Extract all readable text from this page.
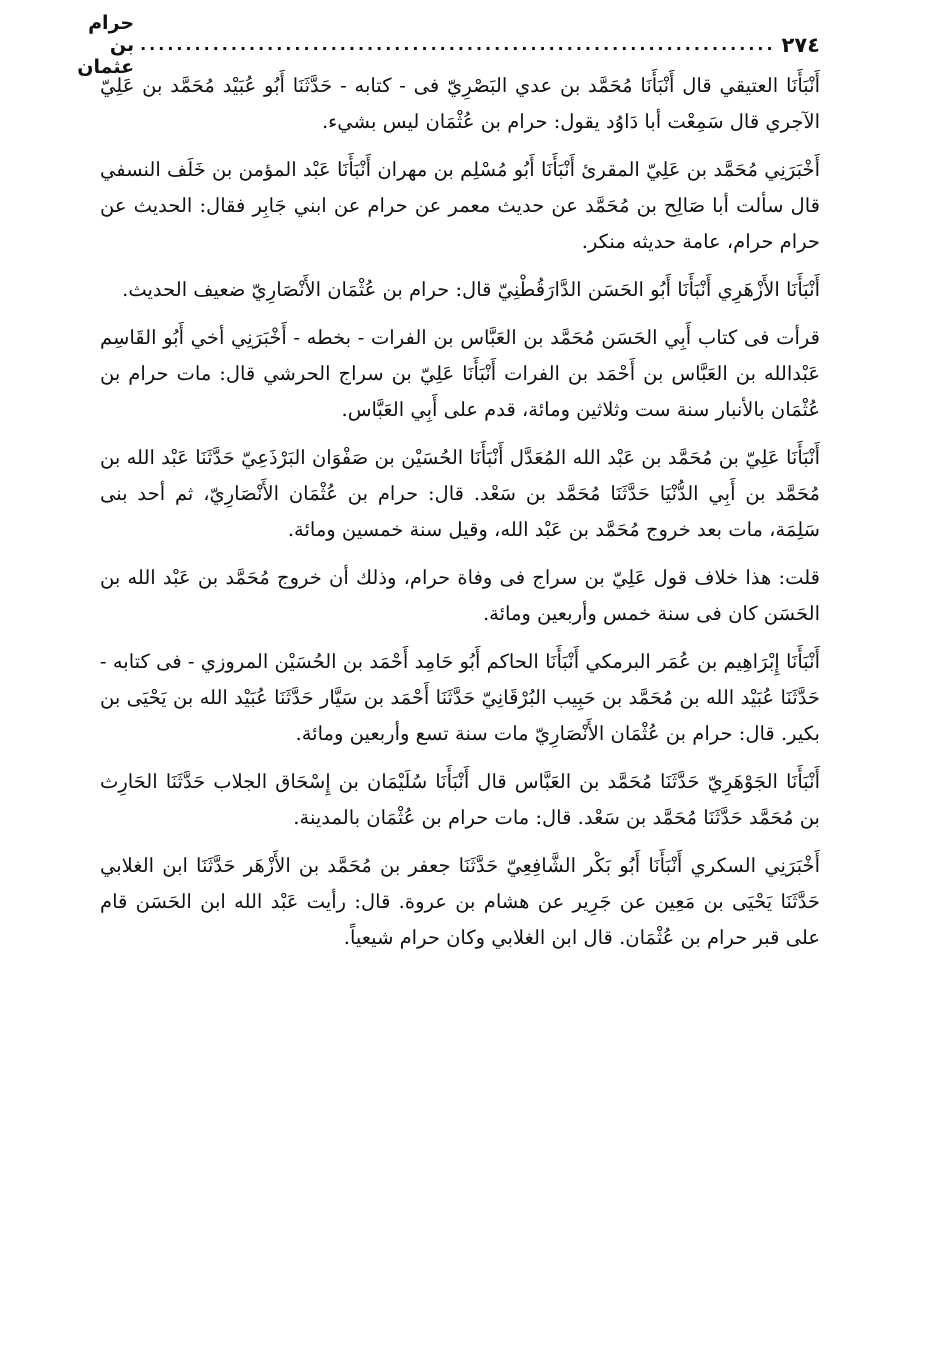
٢٧٤
......................................................................
حرام بن عثمان

أَنْبَأَنَا العتيقي قال أَنْبَأَنَا مُحَمَّد بن عدي البَصْرِيّ فى - كتابه - حَدَّثَنَا أَبُو عُبَيْد مُحَمَّد بن عَلِيّ الآجري قال سَمِعْت أبا دَاوُد يقول: حرام بن عُثْمَان ليس بشيء.

أَخْبَرَنِي مُحَمَّد بن عَلِيّ المقرئ أَنْبَأَنَا أَبُو مُسْلِم بن مهران أَنْبَأَنَا عَبْد المؤمن بن خَلَف النسفي قال سألت أبا صَالِح بن مُحَمَّد عن حديث معمر عن حرام عن ابني جَابِر فقال: الحديث عن حرام حرام، عامة حديثه منكر.

أَنْبَأَنَا الأَزْهَرِي أَنْبَأَنَا أَبُو الحَسَن الدَّارَقُطْنِيّ قال: حرام بن عُثْمَان الأَنْصَارِيّ ضعيف الحديث.

قرأت فى كتاب أَبِي الحَسَن مُحَمَّد بن العَبَّاس بن الفرات - بخطه - أَخْبَرَنِي أخي أَبُو القَاسِم عَبْدالله بن العَبَّاس بن أَحْمَد بن الفرات أَنْبَأَنَا عَلِيّ بن سراج الحرشي قال: مات حرام بن عُثْمَان بالأنبار سنة ست وثلاثين ومائة، قدم على أَبِي العَبَّاس.

أَنْبَأَنَا عَلِيّ بن مُحَمَّد بن عَبْد الله المُعَدَّل أَنْبَأَنَا الحُسَيْن بن صَفْوَان البَرْذَعِيّ حَدَّثَنَا عَبْد الله بن مُحَمَّد بن أَبِي الدُّنْيَا حَدَّثَنَا مُحَمَّد بن سَعْد. قال: حرام بن عُثْمَان الأَنْصَارِيّ، ثم أحد بنى سَلِمَة، مات بعد خروج مُحَمَّد بن عَبْد الله، وقيل سنة خمسين ومائة.

قلت: هذا خلاف قول عَلِيّ بن سراج فى وفاة حرام، وذلك أن خروج مُحَمَّد بن عَبْد الله بن الحَسَن كان فى سنة خمس وأربعين ومائة.

أَنْبَأَنَا إِبْرَاهِيم بن عُمَر البرمكي أَنْبَأَنَا الحاكم أَبُو حَامِد أَحْمَد بن الحُسَيْن المروزي - فى كتابه - حَدَّثَنَا عُبَيْد الله بن مُحَمَّد بن حَبِيب البُرْقَانِيّ حَدَّثَنَا أَحْمَد بن سَيَّار حَدَّثَنَا عُبَيْد الله بن يَحْيَى بن بكير. قال: حرام بن عُثْمَان الأَنْصَارِيّ مات سنة تسع وأربعين ومائة.

أَنْبَأَنَا الجَوْهَرِيّ حَدَّثَنَا مُحَمَّد بن العَبَّاس قال أَنْبَأَنَا سُلَيْمَان بن إِسْحَاق الجلاب حَدَّثَنَا الحَارِث بن مُحَمَّد حَدَّثَنَا مُحَمَّد بن سَعْد. قال: مات حرام بن عُثْمَان بالمدينة.

أَخْبَرَنِي السكري أَنْبَأَنَا أَبُو بَكْر الشَّافِعِيّ حَدَّثَنَا جعفر بن مُحَمَّد بن الأَزْهَر حَدَّثَنَا ابن الغلابي حَدَّثَنَا يَحْيَى بن مَعِين عن جَرِير عن هشام بن عروة. قال: رأيت عَبْد الله ابن الحَسَن قام على قبر حرام بن عُثْمَان. قال ابن الغلابي وكان حرام شيعياً.
